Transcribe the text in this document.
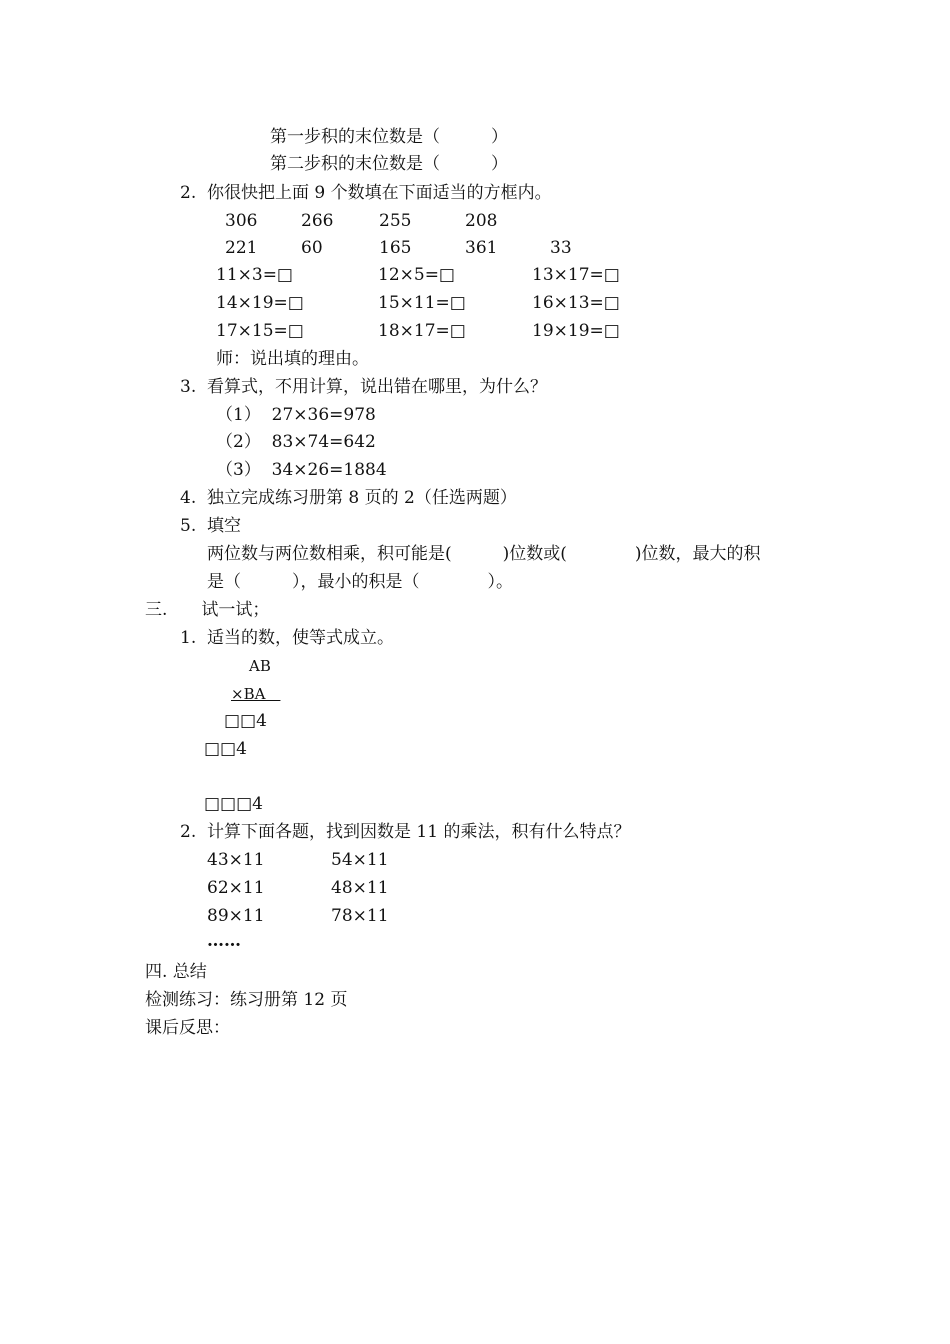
第一步积的末位数是（　　　）
第二步积的末位数是（　　　）
2.  你很快把上面 9 个数填在下面适当的方框内。
306	266	255	208
221	60	165	361	33
11×3=□	12×5=□	13×17=□
14×19=□	15×11=□	16×13=□
17×15=□	18×17=□	19×19=□
师：说出填的理由。
3.  看算式，不用计算，说出错在哪里，为什么？
（1）  27×36=978
（2）  83×74=642
（3）  34×26=1884
4.  独立完成练习册第 8 页的 2（任选两题）
5.  填空
两位数与两位数相乘，积可能是(　　　)位数或(　　　　)位数，最大的积
是（　　　），最小的积是（　　　　）。
三.　　试一试；
1.  适当的数，使等式成立。
AB
×BA　
□□4
□□4
□□□4
2.  计算下面各题，找到因数是 11 的乘法，积有什么特点？
43×11	54×11
62×11	48×11
89×11	78×11
……
四. 总结
检测练习：练习册第 12 页
课后反思：
